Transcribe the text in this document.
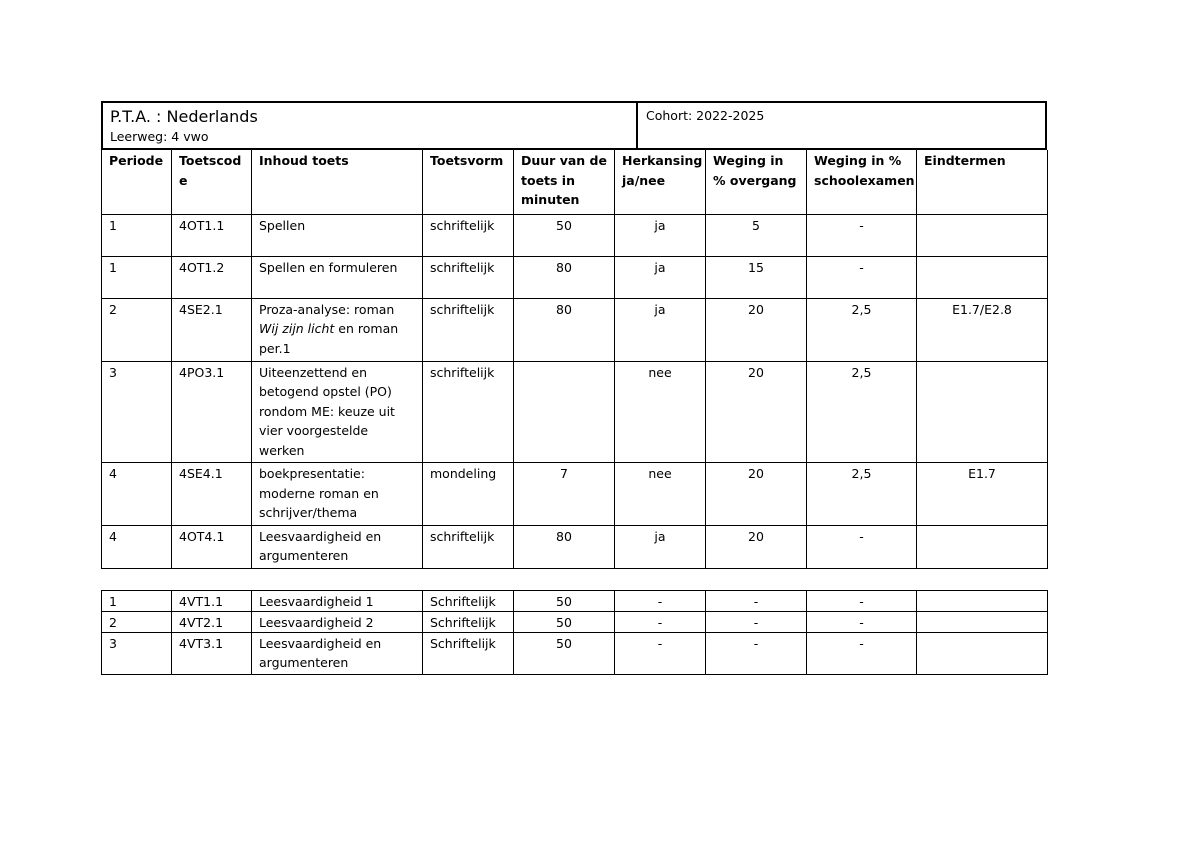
P.T.A. : Nederlands
Leerweg: 4 vwo
Cohort: 2022-2025
Periode	Toetscod e	Inhoud toets	Toetsvorm	Duur van de toets in minuten	Herkansing ja/nee	Weging in % overgang	Weging in % schoolexamen	Eindtermen
1	4OT1.1	Spellen	schriftelijk	50	ja	5	-	
1	4OT1.2	Spellen en formuleren	schriftelijk	80	ja	15	-	
2	4SE2.1	Proza-analyse: roman Wij zijn licht en roman per.1	schriftelijk	80	ja	20	2,5	E1.7/E2.8
3	4PO3.1	Uiteenzettend en betogend opstel (PO) rondom ME: keuze uit vier voorgestelde werken	schriftelijk		nee	20	2,5	
4	4SE4.1	boekpresentatie: moderne roman en schrijver/thema	mondeling	7	nee	20	2,5	E1.7
4	4OT4.1	Leesvaardigheid en argumenteren	schriftelijk	80	ja	20	-	
1	4VT1.1	Leesvaardigheid 1	Schriftelijk	50	-	-	-	
2	4VT2.1	Leesvaardigheid 2	Schriftelijk	50	-	-	-	
3	4VT3.1	Leesvaardigheid en argumenteren	Schriftelijk	50	-	-	-	
